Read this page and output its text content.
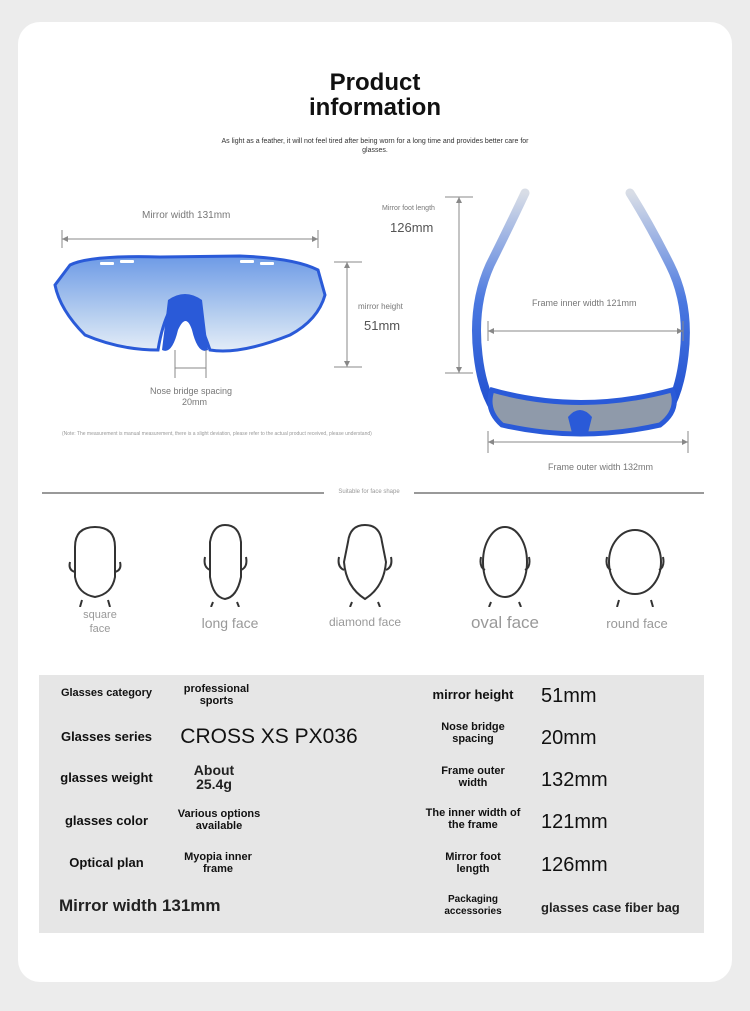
Product
information
As light as a feather, it will not feel tired after being worn for a long time and provides better care for glasses.
Mirror width 131mm
mirror height
51mm
Nose bridge spacing
20mm
(Note: The measurement is manual measurement, there is a slight deviation, please refer to the actual product received, please understand)
Mirror foot length
126mm
Frame inner width 121mm
Frame outer width 132mm
Suitable for face shape
square
face	long face	diamond face	oval face	round face
Glasses category	professional sports
Glasses series	CROSS XS PX036
glasses weight	About 25.4g
glasses color	Various options available
Optical plan	Myopia inner frame
Mirror width 131mm
mirror height	51mm
Nose bridge spacing	20mm
Frame outer width	132mm
The inner width of the frame	121mm
Mirror foot length	126mm
Packaging accessories	glasses case fiber bag
